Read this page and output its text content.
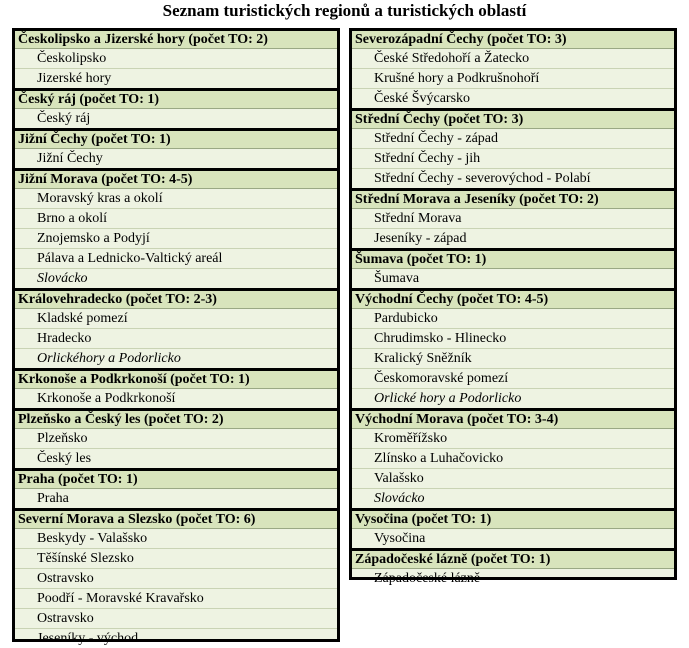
Seznam turistických regionů a turistických oblastí
Českolipsko a Jizerské hory (počet TO: 2)
Českolipsko
Jizerské hory
Český ráj (počet TO: 1)
Český ráj
Jižní Čechy (počet TO: 1)
Jižní Čechy
Jižní Morava (počet TO: 4-5)
Moravský kras a okolí
Brno a okolí
Znojemsko a Podyjí
Pálava a Lednicko-Valtický areál
Slovácko
Královehradecko (počet TO: 2-3)
Kladské pomezí
Hradecko
Orlickéhory a Podorlicko
Krkonoše a Podkrkonoší (počet TO: 1)
Krkonoše a Podkrkonoší
Plzeňsko a Český les (počet TO: 2)
Plzeňsko
Český les
Praha (počet TO: 1)
Praha
Severní Morava a Slezsko (počet TO: 6)
Beskydy - Valašsko
Těšínské Slezsko
Ostravsko
Poodří - Moravské Kravařsko
Ostravsko
Jeseníky - východ
Severozápadní Čechy (počet TO: 3)
České Středohoří a Žatecko
Krušné hory a Podkrušnohoří
České Švýcarsko
Střední Čechy (počet TO: 3)
Střední Čechy - západ
Střední Čechy - jih
Střední Čechy - severovýchod - Polabí
Střední Morava a Jeseníky (počet TO: 2)
Střední Morava
Jeseníky - západ
Šumava (počet TO: 1)
Šumava
Východní Čechy (počet TO: 4-5)
Pardubicko
Chrudimsko - Hlinecko
Kralický Sněžník
Českomoravské pomezí
Orlické hory a Podorlicko
Východní Morava (počet TO: 3-4)
Kroměřížsko
Zlínsko a Luhačovicko
Valašsko
Slovácko
Vysočina (počet TO: 1)
Vysočina
Západočeské lázně (počet TO: 1)
Západočeské lázně
